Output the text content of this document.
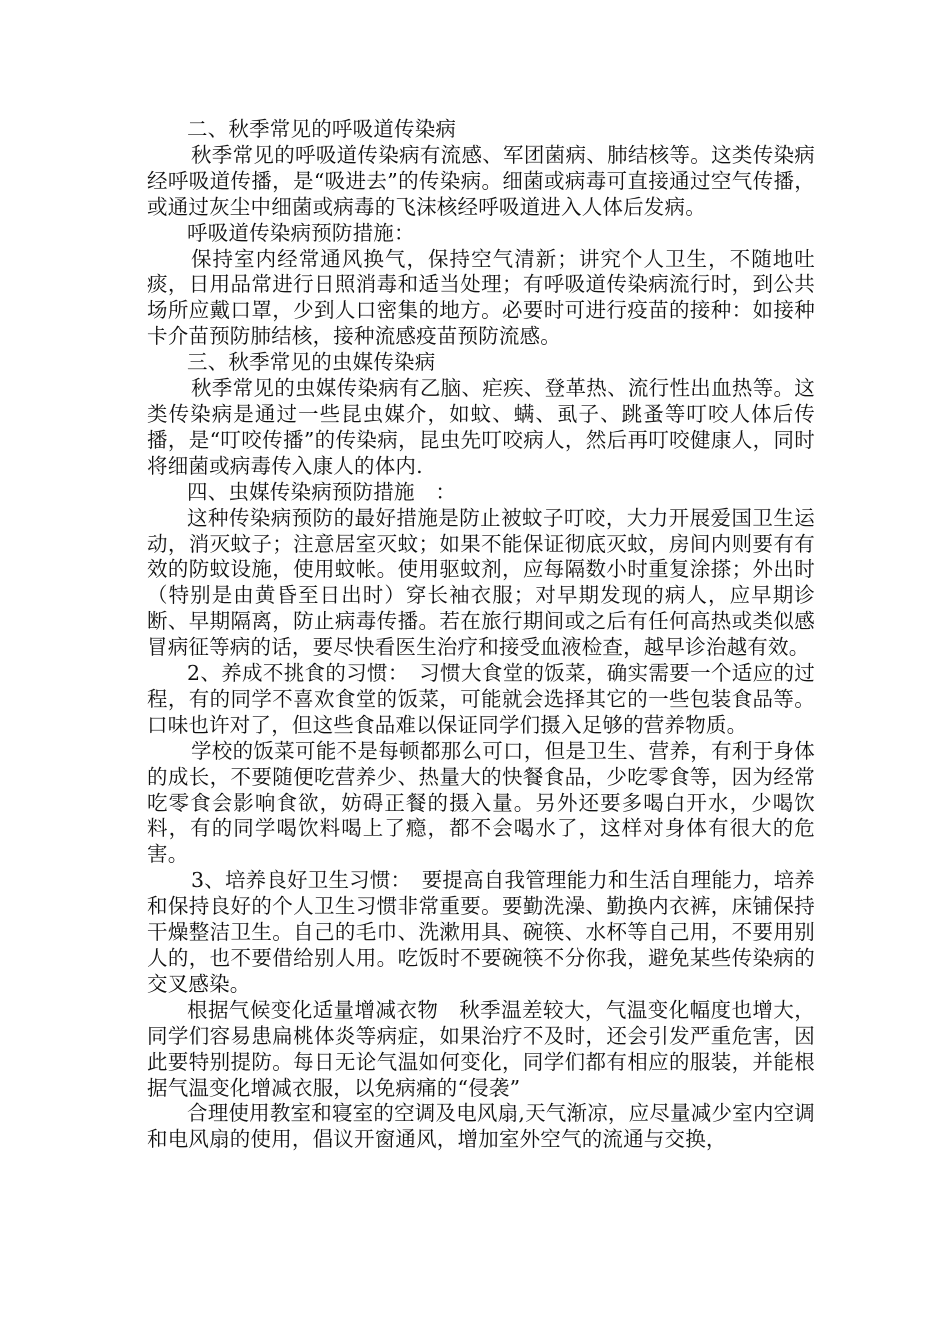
二、秋季常见的呼吸道传染病

秋季常见的呼吸道传染病有流感、军团菌病、肺结核等。这类传染病经呼吸道传播，是“吸进去”的传染病。细菌或病毒可直接通过空气传播，或通过灰尘中细菌或病毒的飞沫核经呼吸道进入人体后发病。

呼吸道传染病预防措施：

保持室内经常通风换气，保持空气清新；讲究个人卫生，不随地吐痰，日用品常进行日照消毒和适当处理；有呼吸道传染病流行时，到公共场所应戴口罩，少到人口密集的地方。必要时可进行疫苗的接种：如接种卡介苗预防肺结核，接种流感疫苗预防流感。

三、秋季常见的虫媒传染病

秋季常见的虫媒传染病有乙脑、疟疾、登革热、流行性出血热等。这类传染病是通过一些昆虫媒介，如蚊、螨、虱子、跳蚤等叮咬人体后传播，是“叮咬传播”的传染病，昆虫先叮咬病人，然后再叮咬健康人，同时将细菌或病毒传入康人的体内.

四、虫媒传染病预防措施　：

这种传染病预防的最好措施是防止被蚊子叮咬，大力开展爱国卫生运动，消灭蚊子；注意居室灭蚊；如果不能保证彻底灭蚊，房间内则要有有效的防蚊设施，使用蚊帐。使用驱蚊剂，应每隔数小时重复涂搽；外出时（特别是由黄昏至日出时）穿长袖衣服；对早期发现的病人，应早期诊断、早期隔离，防止病毒传播。若在旅行期间或之后有任何高热或类似感冒病征等病的话，要尽快看医生治疗和接受血液检查，越早诊治越有效。

2、养成不挑食的习惯：　习惯大食堂的饭菜，确实需要一个适应的过程，有的同学不喜欢食堂的饭菜，可能就会选择其它的一些包装食品等。口味也许对了，但这些食品难以保证同学们摄入足够的营养物质。

学校的饭菜可能不是每顿都那么可口，但是卫生、营养，有利于身体的成长，不要随便吃营养少、热量大的快餐食品，少吃零食等，因为经常吃零食会影响食欲，妨碍正餐的摄入量。另外还要多喝白开水，少喝饮料，有的同学喝饮料喝上了瘾，都不会喝水了，这样对身体有很大的危害。

3、培养良好卫生习惯：　要提高自我管理能力和生活自理能力，培养和保持良好的个人卫生习惯非常重要。要勤洗澡、勤换内衣裤，床铺保持干燥整洁卫生。自己的毛巾、洗漱用具、碗筷、水杯等自己用，不要用别人的，也不要借给别人用。吃饭时不要碗筷不分你我，避免某些传染病的交叉感染。

根据气候变化适量增减衣物　秋季温差较大，气温变化幅度也增大，同学们容易患扁桃体炎等病症，如果治疗不及时，还会引发严重危害，因此要特别提防。每日无论气温如何变化，同学们都有相应的服装，并能根据气温变化增减衣服，以免病痛的“侵袭”

合理使用教室和寝室的空调及电风扇,天气渐凉，应尽量减少室内空调和电风扇的使用，倡议开窗通风，增加室外空气的流通与交换，
